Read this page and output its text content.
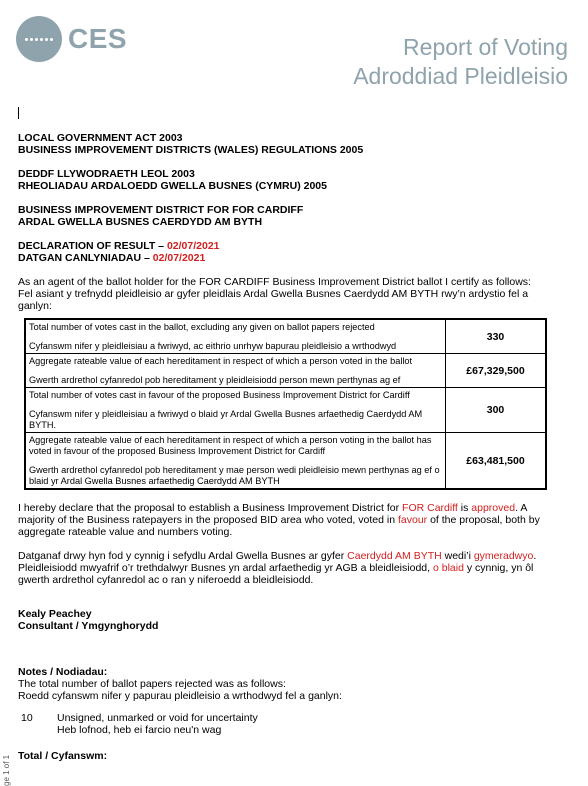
CES	Report of Voting
Adroddiad Pleidleisio
LOCAL GOVERNMENT ACT 2003
BUSINESS IMPROVEMENT DISTRICTS (WALES) REGULATIONS 2005
DEDDF LLYWODRAETH LEOL 2003
RHEOLIADAU ARDALOEDD GWELLA BUSNES (CYMRU) 2005
BUSINESS IMPROVEMENT DISTRICT FOR FOR CARDIFF
ARDAL GWELLA BUSNES CAERDYDD AM BYTH
DECLARATION OF RESULT – 02/07/2021
DATGAN CANLYNIADAU – 02/07/2021

As an agent of the ballot holder for the FOR CARDIFF Business Improvement District ballot I certify as follows:

Fel asiant y trefnydd pleidleisio ar gyfer pleidlais Ardal Gwella Busnes Caerdydd AM BYTH rwy’n ardystio fel a ganlyn:

Total number of votes cast in the ballot, excluding any given on ballot papers rejected
Cyfanswm nifer y pleidleisiau a fwriwyd, ac eithrio unrhyw bapurau pleidleisio a wrthodwyd	330

Aggregate rateable value of each hereditament in respect of which a person voted in the ballot
Gwerth ardrethol cyfanredol pob hereditament y pleidleisiodd person mewn perthynas ag ef	£67,329,500

Total number of votes cast in favour of the proposed Business Improvement District for Cardiff
Cyfanswm nifer y pleidleisiau a fwriwyd o blaid yr Ardal Gwella Busnes arfaethedig Caerdydd AM BYTH.	300

Aggregate rateable value of each hereditament in respect of which a person voting in the ballot has voted in favour of the proposed Business Improvement District for Cardiff
Gwerth ardrethol cyfanredol pob hereditament y mae person wedi pleidleisio mewn perthynas ag ef o blaid yr Ardal Gwella Busnes arfaethedig Caerdydd AM BYTH	£63,481,500

I hereby declare that the proposal to establish a Business Improvement District for FOR Cardiff is approved. A majority of the Business ratepayers in the proposed BID area who voted, voted in favour of the proposal, both by aggregate rateable value and numbers voting.

Datganaf drwy hyn fod y cynnig i sefydlu Ardal Gwella Busnes ar gyfer Caerdydd AM BYTH wedi’i gymeradwyo. Pleidleisiodd mwyafrif o’r trethdalwyr Busnes yn ardal arfaethedig yr AGB a bleidleisiodd, o blaid y cynnig, yn ôl gwerth ardrethol cyfanredol ac o ran y niferoedd a bleidleisiodd.

Kealy Peachey
Consultant / Ymgynghorydd
Notes / Nodiadau:
The total number of ballot papers rejected was as follows:
Roedd cyfanswm nifer y papurau pleidleisio a wrthodwyd fel a ganlyn:
10	Unsigned, unmarked or void for uncertainty
Heb lofnod, heb ei farcio neu'n wag
Total / Cyfanswm:
ge 1 of 1
